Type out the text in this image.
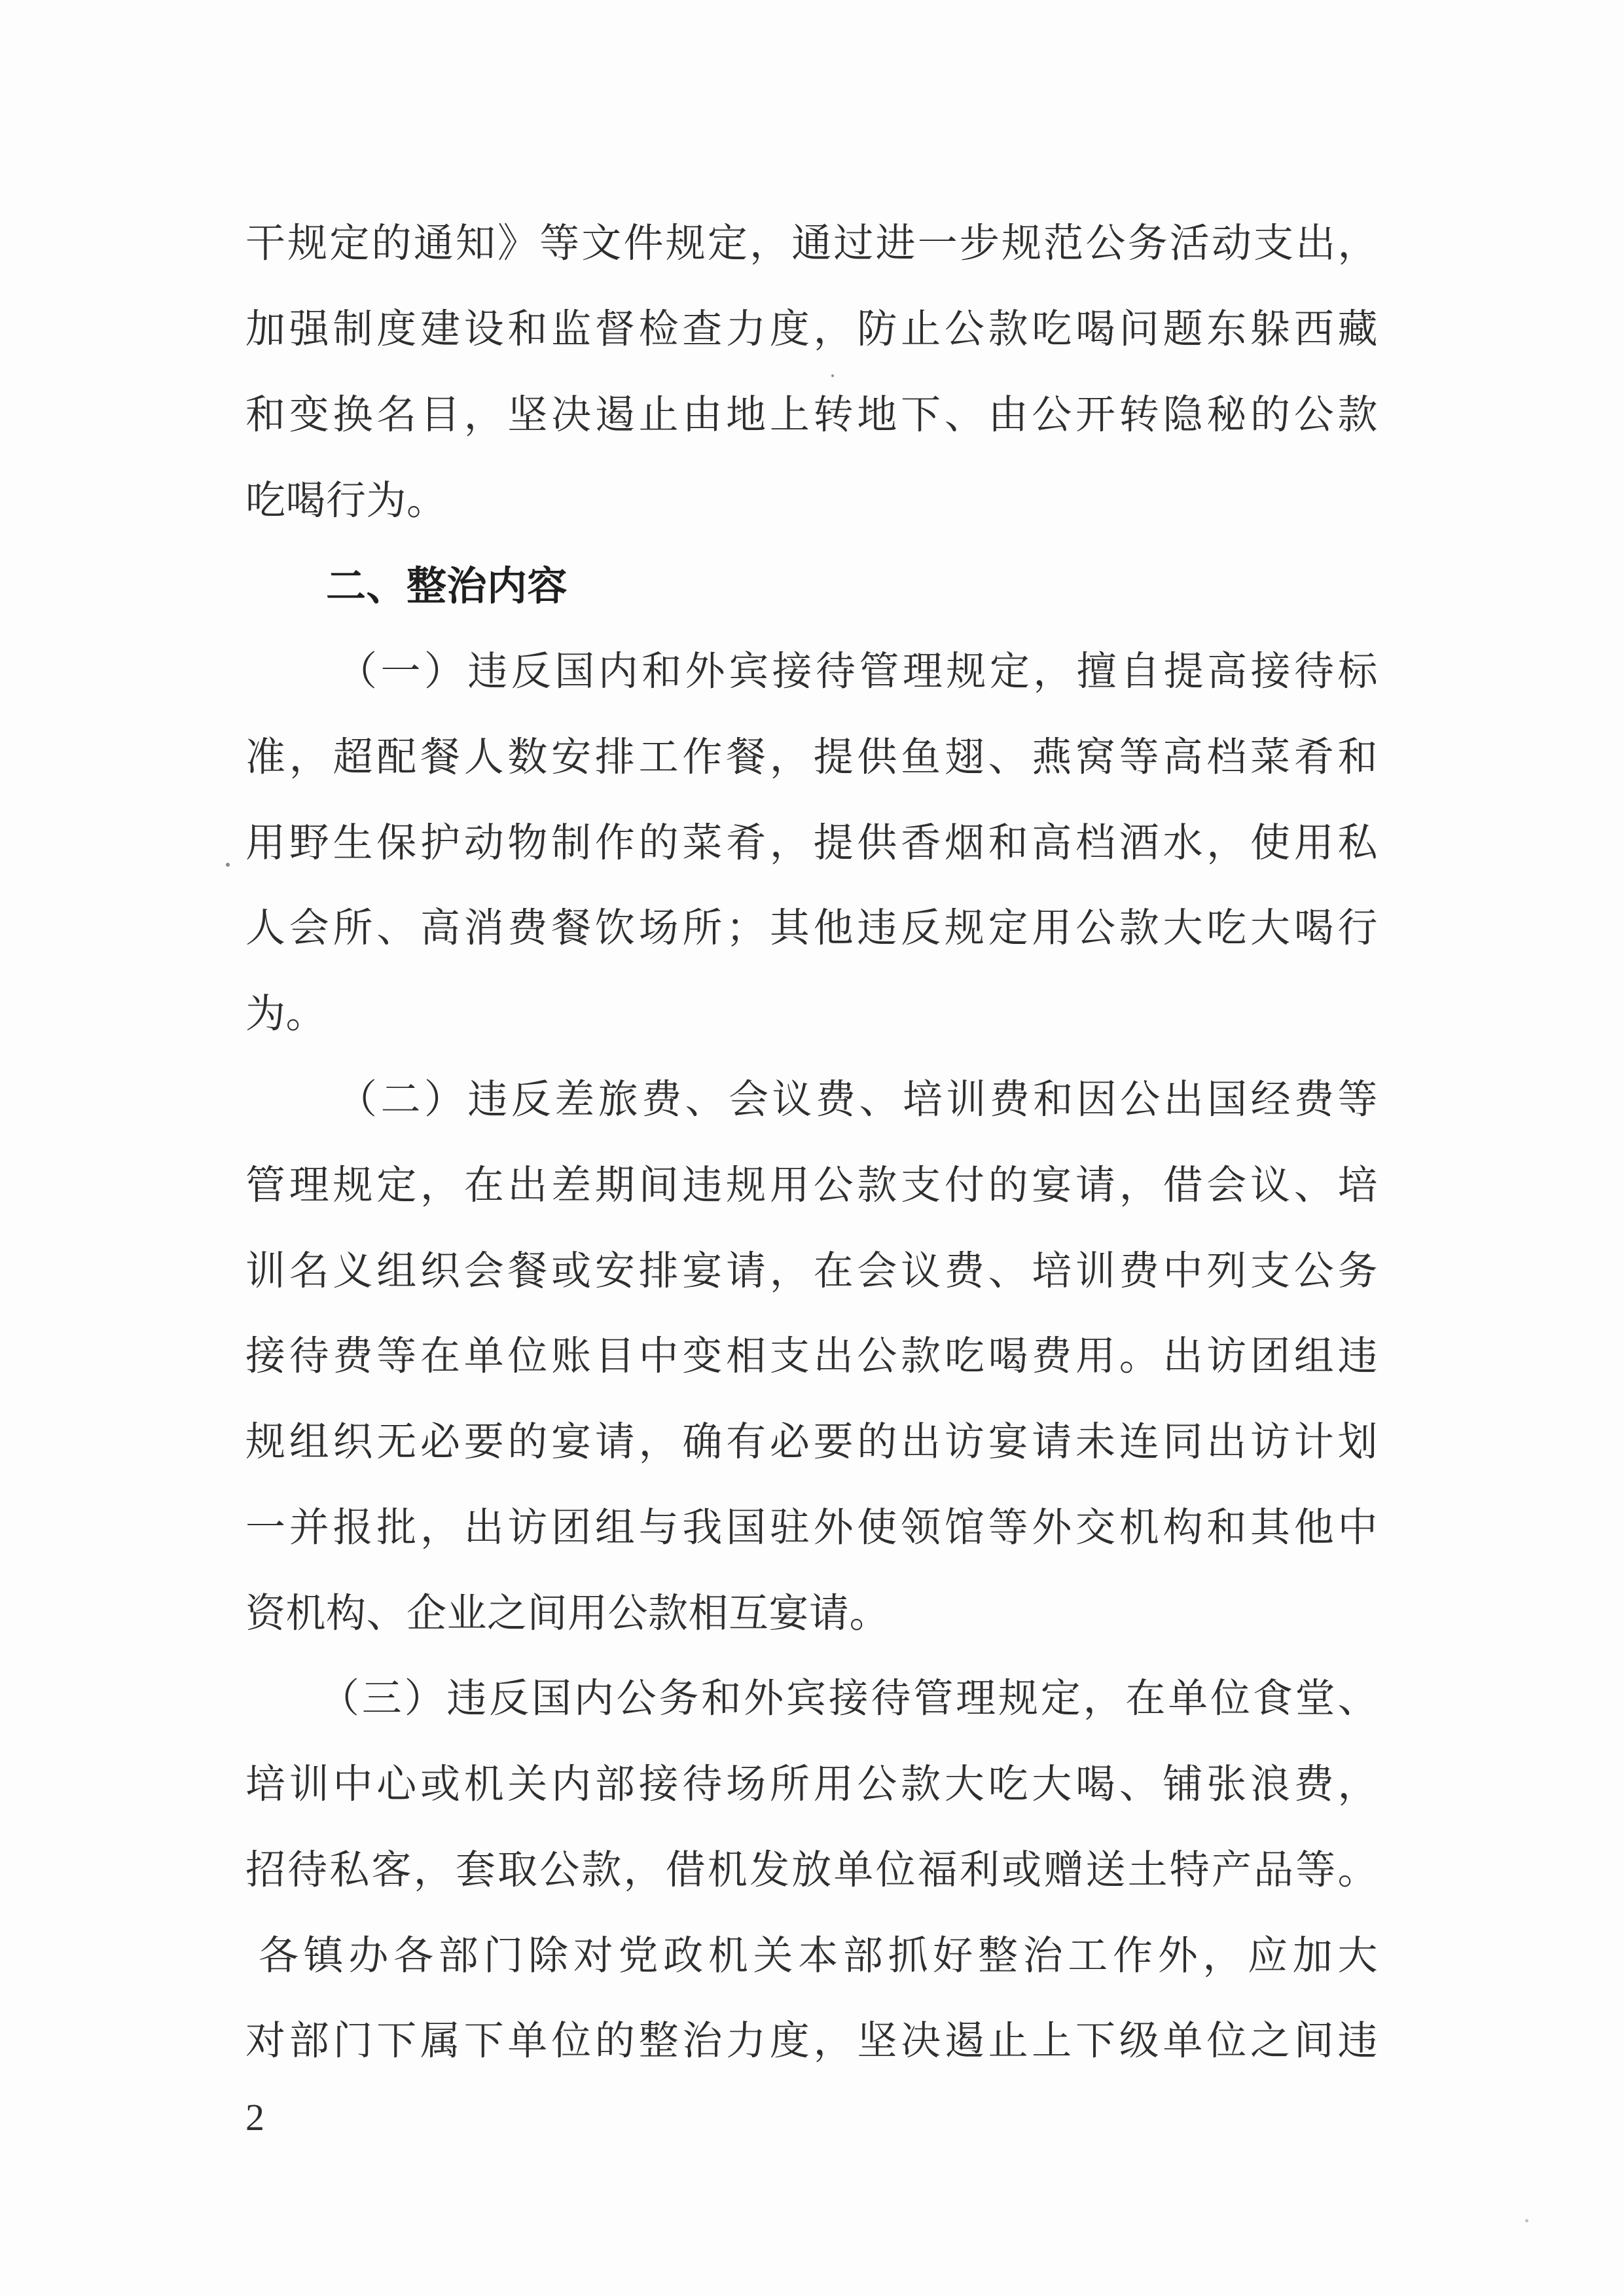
干规定的通知》等文件规定，通过进一步规范公务活动支出，
加强制度建设和监督检查力度，防止公款吃喝问题东躲西藏
和变换名目，坚决遏止由地上转地下、由公开转隐秘的公款
吃喝行为。
二、整治内容
（一）违反国内和外宾接待管理规定，擅自提高接待标
准，超配餐人数安排工作餐，提供鱼翅、燕窝等高档菜肴和
用野生保护动物制作的菜肴，提供香烟和高档酒水，使用私
人会所、高消费餐饮场所；其他违反规定用公款大吃大喝行
为。
（二）违反差旅费、会议费、培训费和因公出国经费等
管理规定，在出差期间违规用公款支付的宴请，借会议、培
训名义组织会餐或安排宴请，在会议费、培训费中列支公务
接待费等在单位账目中变相支出公款吃喝费用。出访团组违
规组织无必要的宴请，确有必要的出访宴请未连同出访计划
一并报批，出访团组与我国驻外使领馆等外交机构和其他中
资机构、企业之间用公款相互宴请。
（三）违反国内公务和外宾接待管理规定，在单位食堂、
培训中心或机关内部接待场所用公款大吃大喝、铺张浪费，
招待私客，套取公款，借机发放单位福利或赠送土特产品等。
各镇办各部门除对党政机关本部抓好整治工作外，应加大
对部门下属下单位的整治力度，坚决遏止上下级单位之间违
2
